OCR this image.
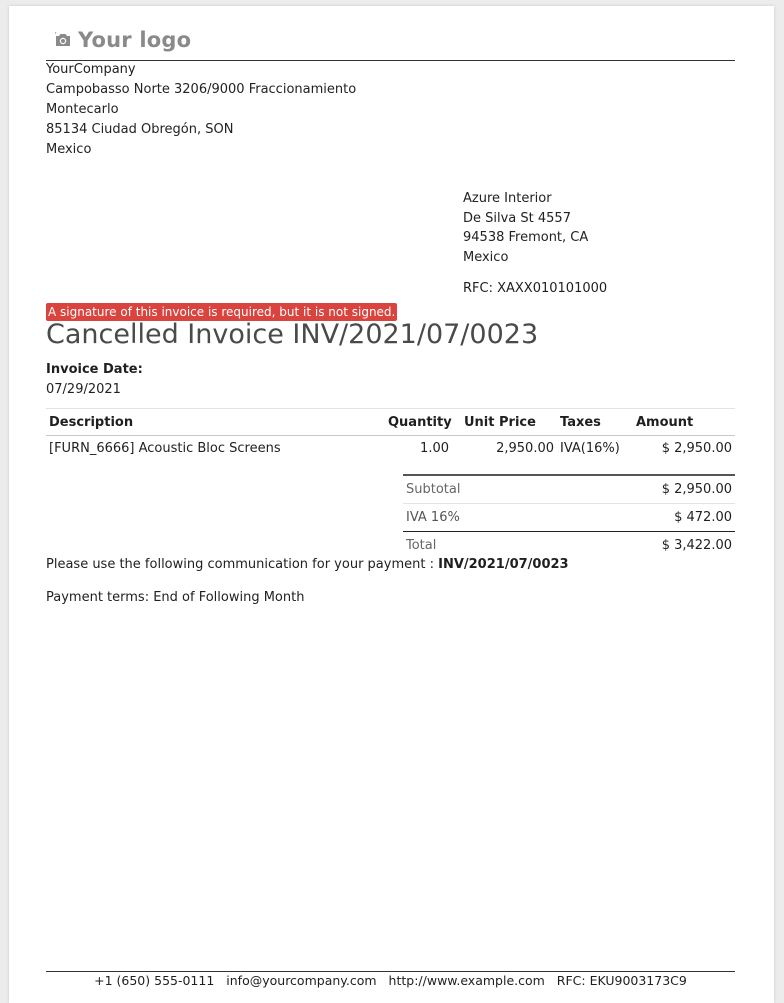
Your logo
YourCompany
Campobasso Norte 3206/9000 Fraccionamiento
Montecarlo
85134 Ciudad Obregón, SON
Mexico
Azure Interior
De Silva St 4557
94538 Fremont, CA
Mexico
RFC: XAXX010101000
A signature of this invoice is required, but it is not signed.
Cancelled Invoice INV/2021/07/0023
Invoice Date:
07/29/2021
Description	Quantity	Unit Price	Taxes	Amount
[FURN_6666] Acoustic Bloc Screens	1.00	2,950.00	IVA(16%)	$ 2,950.00
Subtotal	$ 2,950.00
IVA 16%	$ 472.00
Total	$ 3,422.00
Please use the following communication for your payment : INV/2021/07/0023
Payment terms: End of Following Month
+1 (650) 555-0111 info@yourcompany.com http://www.example.com RFC: EKU9003173C9
